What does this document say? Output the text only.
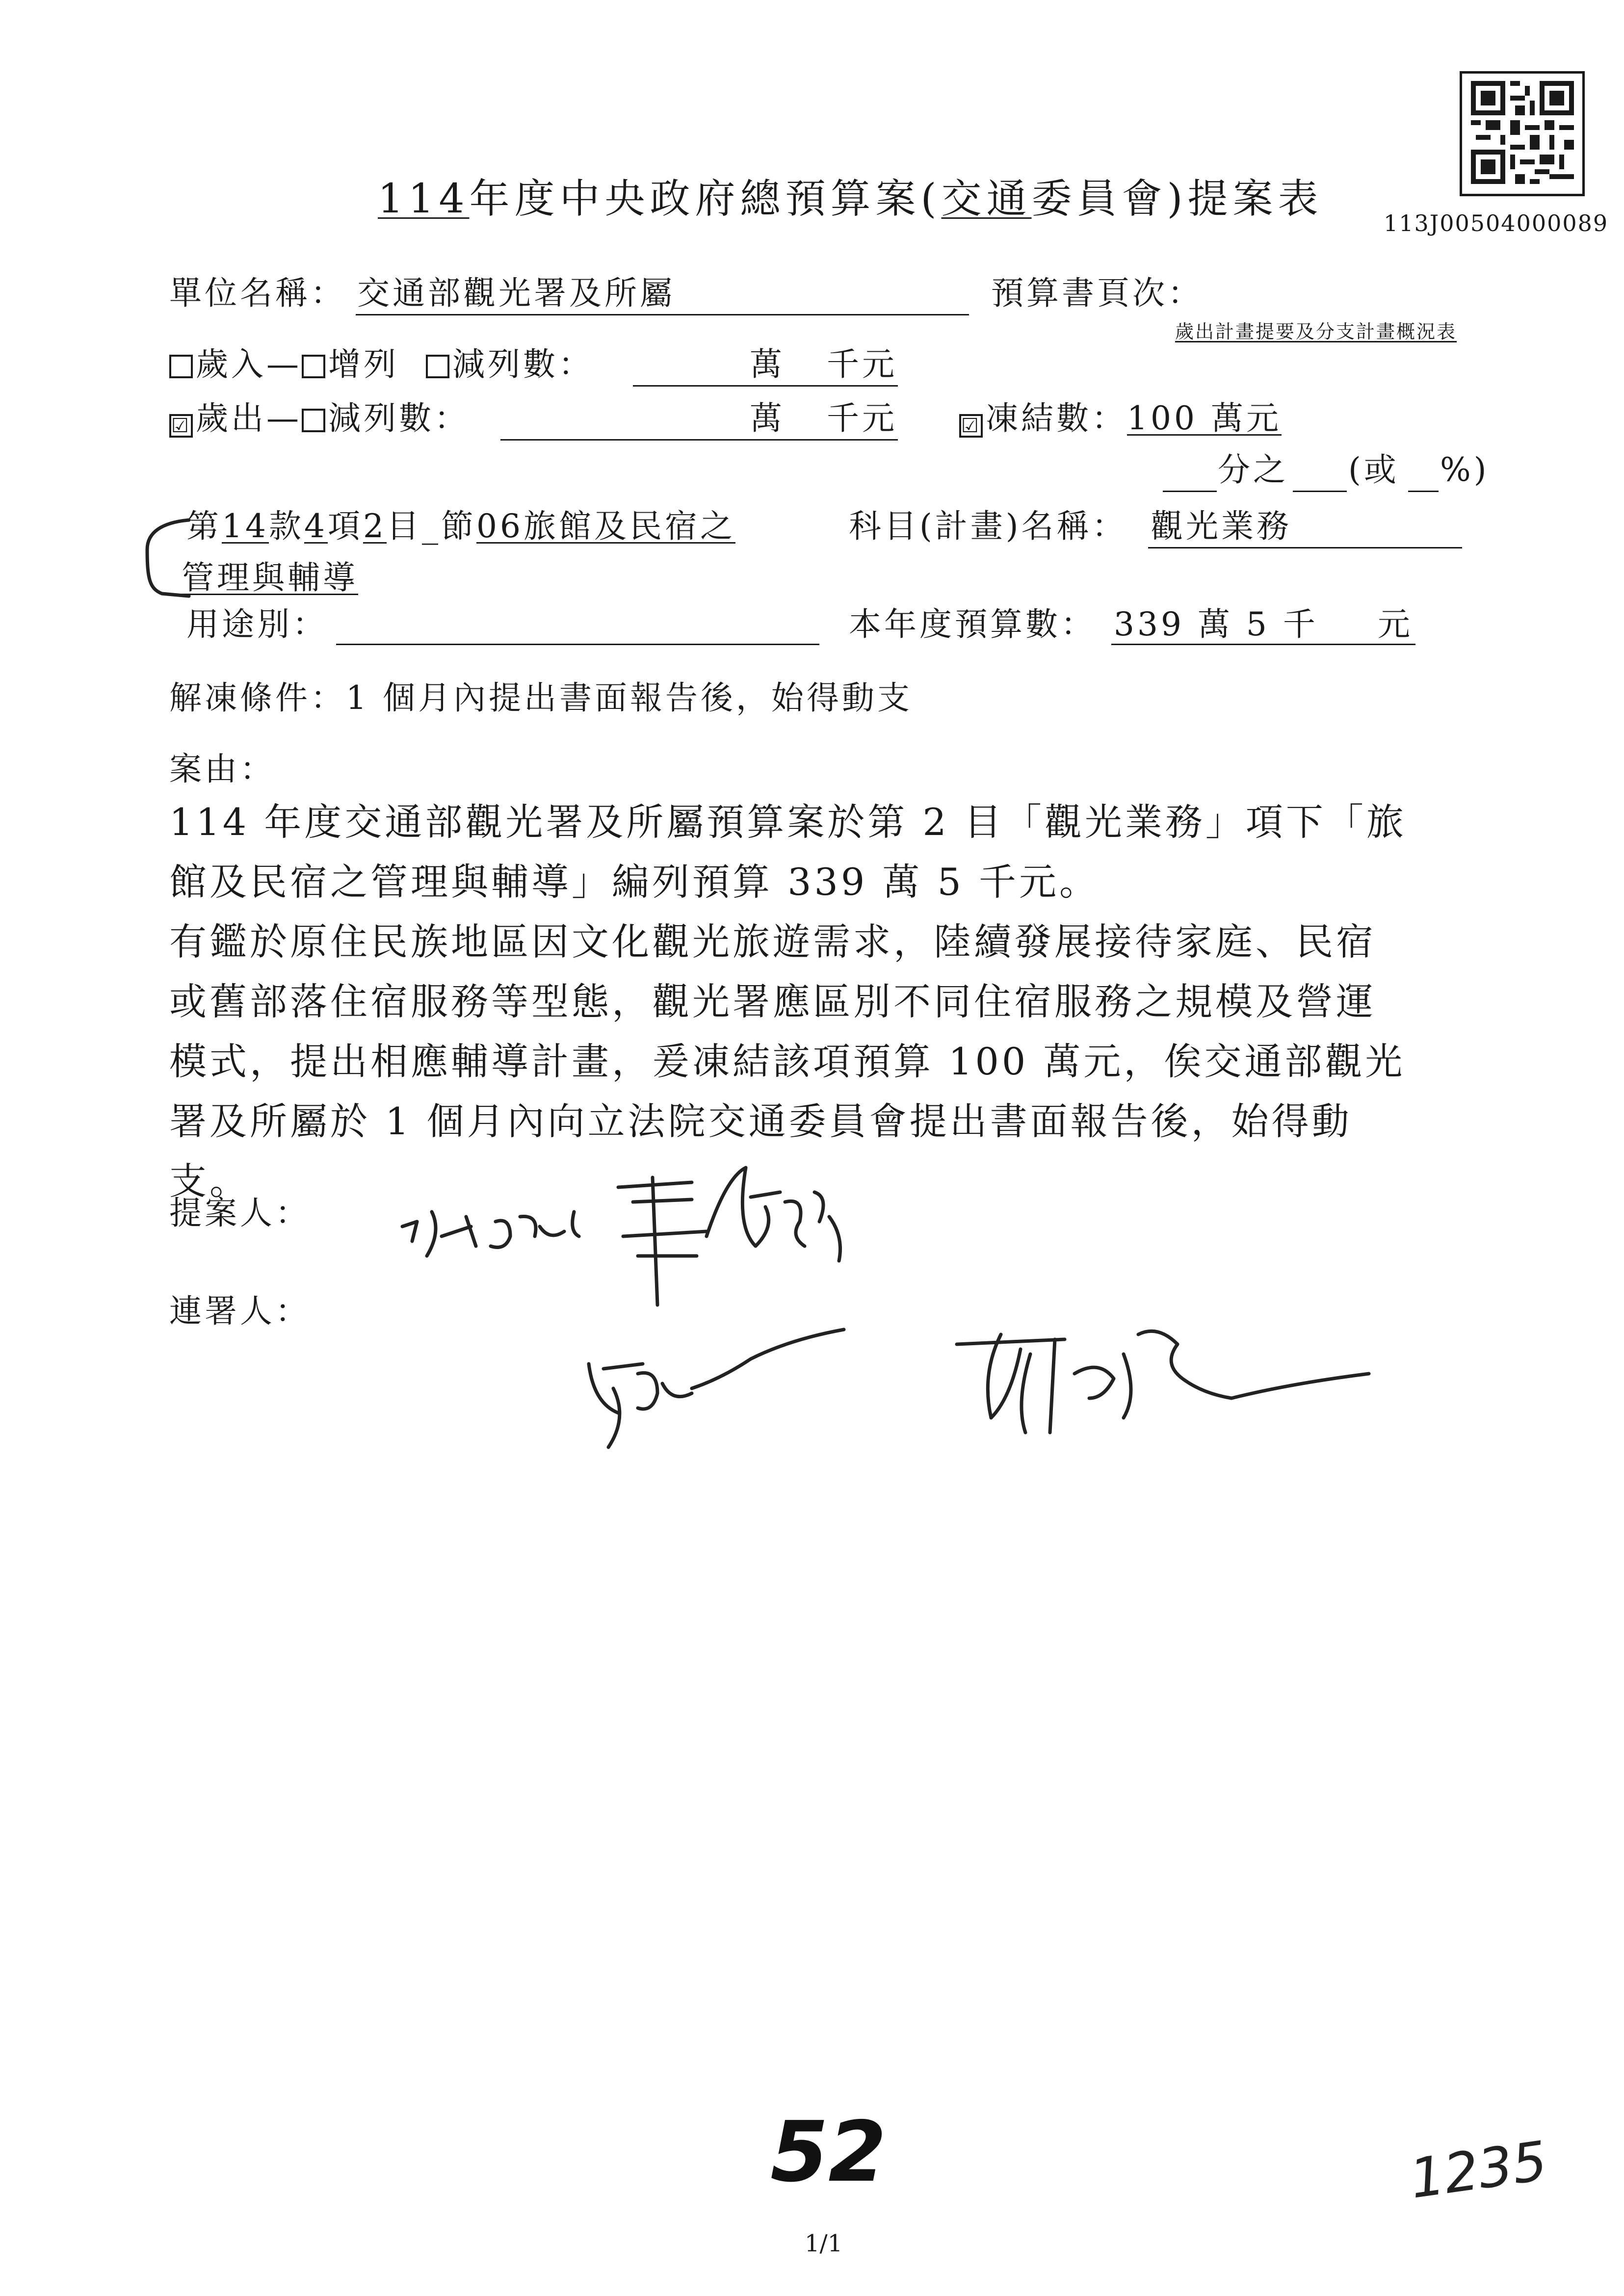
113J00504000089
114年度中央政府總預算案(交通委員會)提案表
單位名稱： 交通部觀光署及所屬	預算書頁次：
歲出計畫提要及分支計畫概況表
歲入— 增列 減列數：	萬 千元
☑ 歲出— 減列數：	萬 千元	☑ 凍結數：100 萬元
分之 (或 %)
第14款4項2目_節06旅館及民宿之	科目(計畫)名稱： 觀光業務
管理與輔導
用途別：	本年度預算數： 339 萬 5 千 元
解凍條件：1 個月內提出書面報告後，始得動支
案由：
114 年度交通部觀光署及所屬預算案於第 2 目「觀光業務」項下「旅
館及民宿之管理與輔導」編列預算 339 萬 5 千元。
有鑑於原住民族地區因文化觀光旅遊需求，陸續發展接待家庭、民宿
或舊部落住宿服務等型態，觀光署應區別不同住宿服務之規模及營運
模式，提出相應輔導計畫，爰凍結該項預算 100 萬元，俟交通部觀光
署及所屬於 1 個月內向立法院交通委員會提出書面報告後，始得動
支。
提案人：
連署人：
52	1235
1/1
